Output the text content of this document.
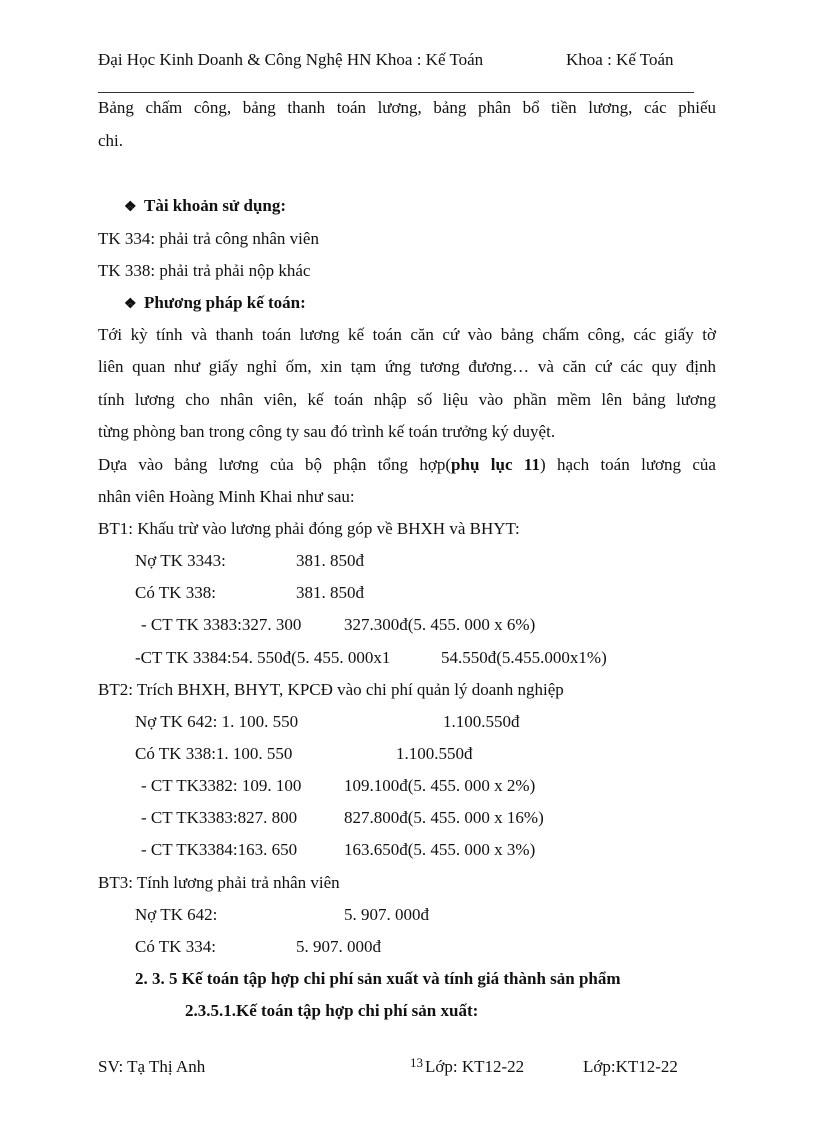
Đại Học Kinh Doanh & Công Nghệ HN Khoa : Kế Toán	Khoa : Kế Toán
Bảng chấm công, bảng thanh toán lương, bảng phân bổ tiền lương, các phiếu
chi.
❖ Tài khoản sử dụng:
TK 334: phải trả công nhân viên
TK 338: phải trả phải nộp khác
❖ Phương pháp kế toán:
Tới kỳ tính và thanh toán lương kế toán căn cứ vào bảng chấm công, các giấy tờ
liên quan như giấy nghỉ ốm, xin tạm ứng tương đương… và căn cứ các quy định
tính lương cho nhân viên, kế toán nhập số liệu vào phần mềm lên bảng lương
từng phòng ban trong công ty sau đó trình kế toán trưởng ký duyệt.
Dựa vào bảng lương của bộ phận tổng hợp(phụ lục 11) hạch toán lương của
nhân viên Hoàng Minh Khai như sau:
BT1: Khấu trừ vào lương phải đóng góp về BHXH và BHYT:
Nợ TK 3343:	381. 850đ
Có TK 338:	381. 850đ
- CT TK 3383:327. 300	327.300đ(5. 455. 000 x 6%)
-CT TK 3384:54. 550đ(5. 455. 000x1	54.550đ(5.455.000x1%)
BT2: Trích BHXH, BHYT, KPCĐ vào chi phí quản lý doanh nghiệp
Nợ TK 642: 1. 100. 550	1.100.550đ
Có TK 338:1. 100. 550	1.100.550đ
- CT TK3382: 109. 100	109.100đ(5. 455. 000 x 2%)
- CT TK3383:827. 800	827.800đ(5. 455. 000 x 16%)
- CT TK3384:163. 650	163.650đ(5. 455. 000 x 3%)
BT3: Tính lương phải trả nhân viên
Nợ TK 642:	5. 907. 000đ
Có TK 334:	5. 907. 000đ
2. 3. 5 Kế toán tập hợp chi phí sản xuất và tính giá thành sản phẩm
2.3.5.1.Kế toán tập hợp chi phí sản xuất:
SV: Tạ Thị Anh	13 Lớp: KT12-22	Lớp:KT12-22
